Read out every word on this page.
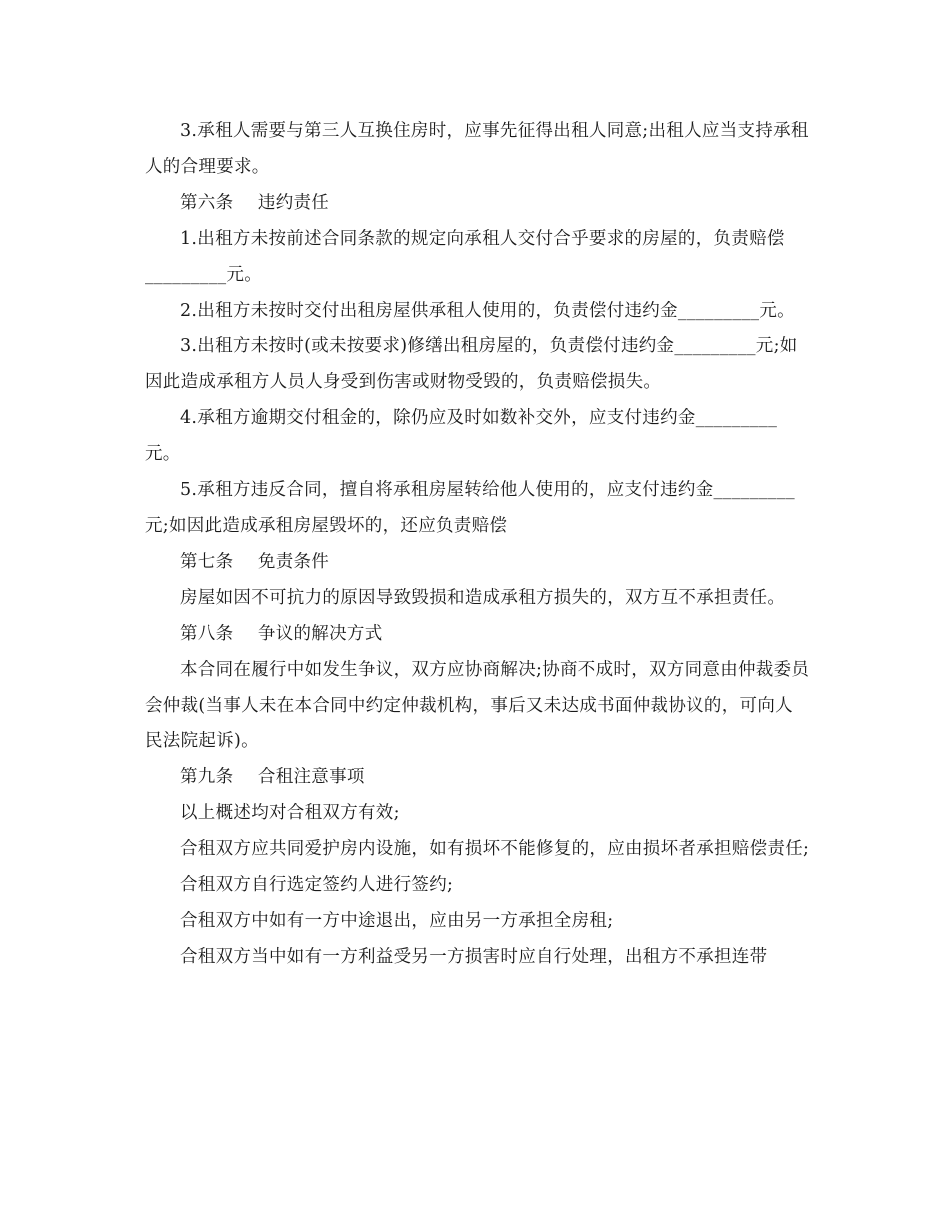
3.承租人需要与第三人互换住房时，应事先征得出租人同意;出租人应当支持承租人的合理要求。

第六条 违约责任

1.出租方未按前述合同条款的规定向承租人交付合乎要求的房屋的，负责赔偿_________元。

2.出租方未按时交付出租房屋供承租人使用的，负责偿付违约金_________元。

3.出租方未按时(或未按要求)修缮出租房屋的，负责偿付违约金_________元;如因此造成承租方人员人身受到伤害或财物受毁的，负责赔偿损失。

4.承租方逾期交付租金的，除仍应及时如数补交外，应支付违约金_________元。

5.承租方违反合同，擅自将承租房屋转给他人使用的，应支付违约金_________元;如因此造成承租房屋毁坏的，还应负责赔偿

第七条 免责条件

房屋如因不可抗力的原因导致毁损和造成承租方损失的，双方互不承担责任。

第八条 争议的解决方式

本合同在履行中如发生争议，双方应协商解决;协商不成时，双方同意由仲裁委员会仲裁(当事人未在本合同中约定仲裁机构，事后又未达成书面仲裁协议的，可向人民法院起诉)。

第九条 合租注意事项

以上概述均对合租双方有效;

合租双方应共同爱护房内设施，如有损坏不能修复的，应由损坏者承担赔偿责任;

合租双方自行选定签约人进行签约;

合租双方中如有一方中途退出，应由另一方承担全房租;

合租双方当中如有一方利益受另一方损害时应自行处理，出租方不承担连带
